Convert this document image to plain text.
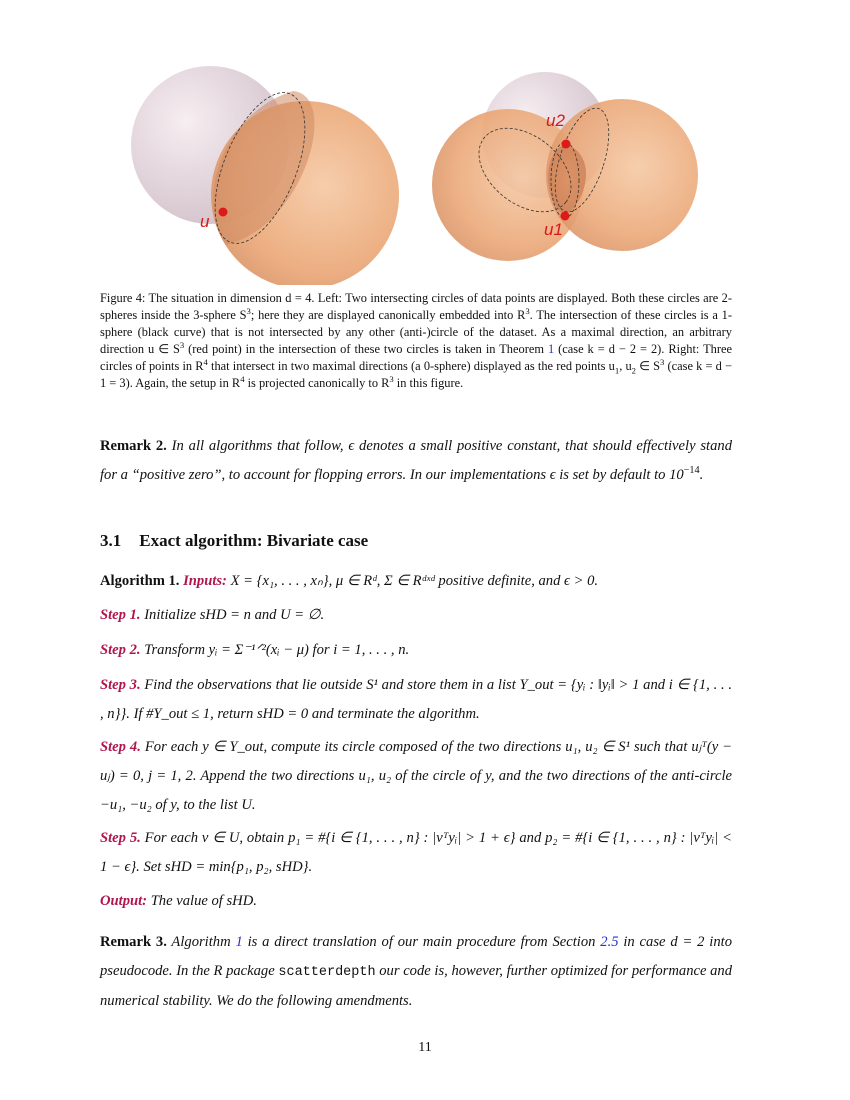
u
u2
u1
Figure 4: The situation in dimension d = 4. Left: Two intersecting circles of data points are displayed. Both these circles are 2-spheres inside the 3-sphere $S^3$; here they are displayed canonically embedded into $R^3$. The intersection of these circles is a 1-sphere (black curve) that is not intersected by any other (anti-)circle of the dataset. As a maximal direction, an arbitrary direction u ∈ $S^3$ (red point) in the intersection of these two circles is taken in Theorem 1 (case k = d − 2 = 2). Right: Three circles of points in $R^4$ that intersect in two maximal directions (a 0-sphere) displayed as the red points $u_1$, $u_2$ ∈ $S^3$ (case k = d − 1 = 3). Again, the setup in $R^4$ is projected canonically to $R^3$ in this figure.
Remark 2. In all algorithms that follow, ϵ denotes a small positive constant, that should effectively stand for a “positive zero”, to account for flopping errors. In our implementations ϵ is set by default to $10^{-14}$.
3.1 Exact algorithm: Bivariate case
Algorithm 1. Inputs: X = {x₁, . . . , xₙ}, μ ∈ Rᵈ, Σ ∈ Rᵈˣᵈ positive definite, and ϵ > 0.
Step 1. Initialize sHD = n and U = ∅.
Step 2. Transform yᵢ = Σ⁻¹ᐟ²(xᵢ − μ) for i = 1, . . . , n.
Step 3. Find the observations that lie outside S¹ and store them in a list Y_out = {yᵢ : ‖yᵢ‖ > 1 and i ∈ {1, . . . , n}}. If #Y_out ≤ 1, return sHD = 0 and terminate the algorithm.
Step 4. For each y ∈ Y_out, compute its circle composed of the two directions u₁, u₂ ∈ S¹ such that uⱼᵀ(y − uⱼ) = 0, j = 1, 2. Append the two directions u₁, u₂ of the circle of y, and the two directions of the anti-circle −u₁, −u₂ of y, to the list U.
Step 5. For each v ∈ U, obtain p₁ = #{i ∈ {1, . . . , n} : |vᵀyᵢ| > 1 + ϵ} and p₂ = #{i ∈ {1, . . . , n} : |vᵀyᵢ| < 1 − ϵ}. Set sHD = min{p₁, p₂, sHD}.
Output: The value of sHD.
Remark 3. Algorithm 1 is a direct translation of our main procedure from Section 2.5 in case d = 2 into pseudocode. In the R package scatterdepth our code is, however, further optimized for performance and numerical stability. We do the following amendments.
11
